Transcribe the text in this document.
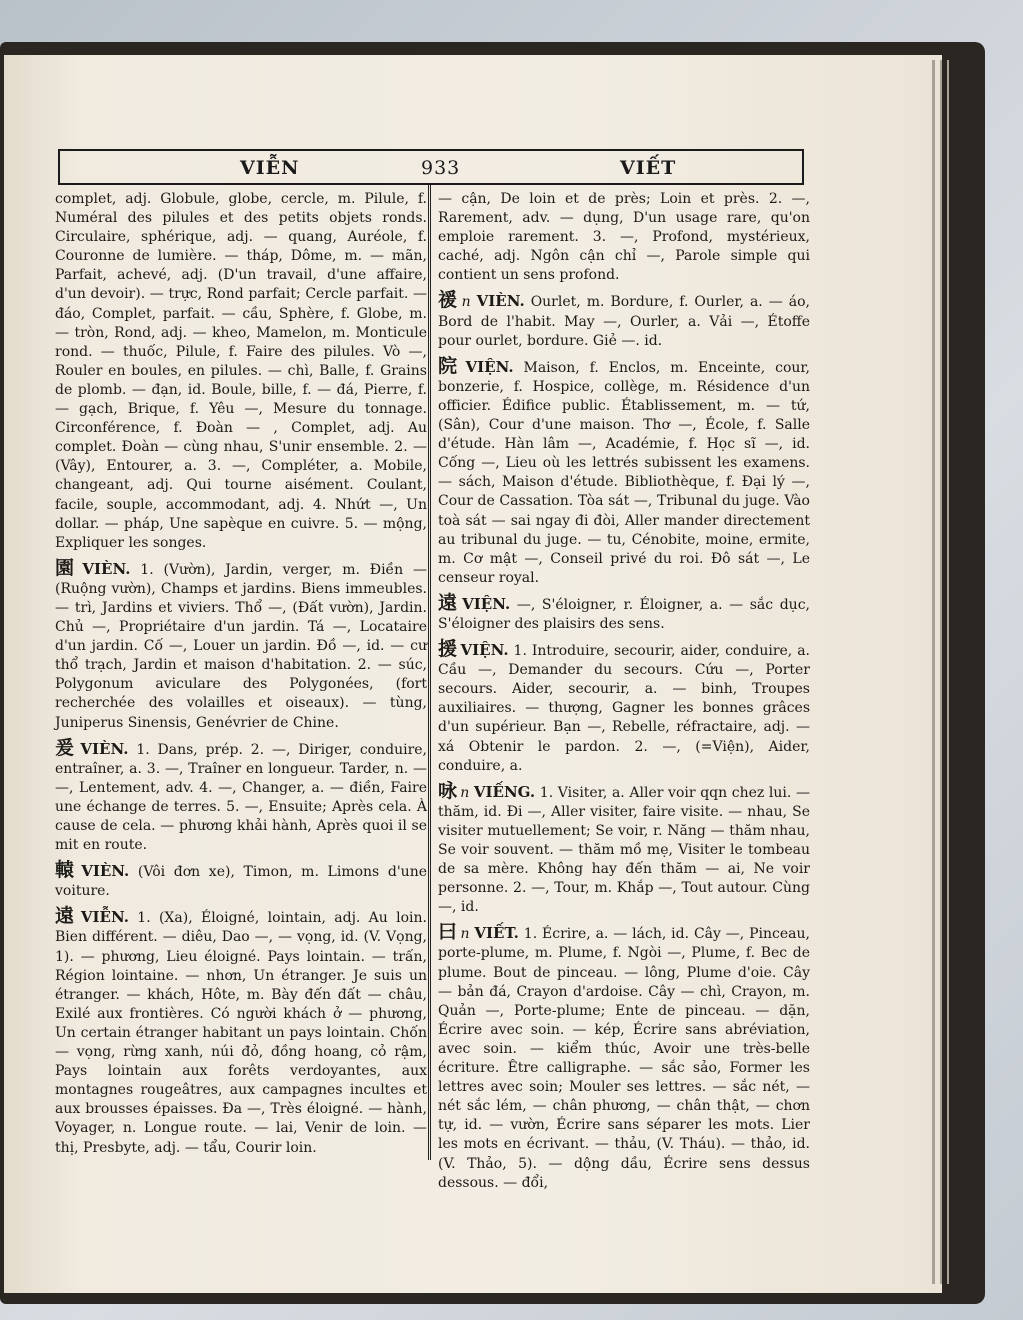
VIỄN	933	VIẾT

complet, adj. Globule, globe, cercle, m. Pilule, f. Numéral des pilules et des petits objets ronds. Circulaire, sphérique, adj. — quang, Auréole, f. Couronne de lumière. — tháp, Dôme, m. — mãn, Parfait, achevé, adj. (D'un travail, d'une affaire, d'un devoir). — trực, Rond parfait; Cercle parfait. — đáo, Complet, parfait. — cầu, Sphère, f. Globe, m. — tròn, Rond, adj. — kheo, Mamelon, m. Monticule rond. — thuốc, Pilule, f. Faire des pilules. Vò —, Rouler en boules, en pilules. — chì, Balle, f. Grains de plomb. — đạn, id. Boule, bille, f. — đá, Pierre, f. — gạch, Brique, f. Yêu —, Mesure du tonnage. Circonférence, f. Đoàn — , Complet, adj. Au complet. Đoàn — cùng nhau, S'unir ensemble. 2. — (Vây), Entourer, a. 3. —, Compléter, a. Mobile, changeant, adj. Qui tourne aisément. Coulant, facile, souple, accommodant, adj. 4. Nhứt —, Un dollar. — pháp, Une sapèque en cuivre. 5. — mộng, Expliquer les songes.

園 VIÈN. 1. (Vườn), Jardin, verger, m. Điền — (Ruộng vườn), Champs et jardins. Biens immeubles. — trì, Jardins et viviers. Thổ —, (Đất vườn), Jardin. Chủ —, Propriétaire d'un jardin. Tá —, Locataire d'un jardin. Cố —, Louer un jardin. Đồ —, id. — cư thổ trạch, Jardin et maison d'habitation. 2. — súc, Polygonum aviculare des Polygonées, (fort recherchée des volailles et oiseaux). — tùng, Juniperus Sinensis, Genévrier de Chine.

爰 VIÈN. 1. Dans, prép. 2. —, Diriger, conduire, entraîner, a. 3. —, Traîner en longueur. Tarder, n. — —, Lentement, adv. 4. —, Changer, a. — điền, Faire une échange de terres. 5. —, Ensuite; Après cela. À cause de cela. — phương khải hành, Après quoi il se mit en route.

轅 VIÈN. (Vôi đơn xe), Timon, m. Limons d'une voiture.

遠 VIỄN. 1. (Xa), Éloigné, lointain, adj. Au loin. Bien différent. — diêu, Dao —, — vọng, id. (V. Vọng, 1). — phương, Lieu éloigné. Pays lointain. — trấn, Région lointaine. — nhơn, Un étranger. Je suis un étranger. — khách, Hôte, m. Bày đến đất — châu, Exilé aux frontières. Có người khách ở — phương, Un certain étranger habitant un pays lointain. Chốn — vọng, rừng xanh, núi đỏ, đồng hoang, cỏ rậm, Pays lointain aux forêts verdoyantes, aux montagnes rougeâtres, aux campagnes incultes et aux brousses épaisses. Đa —, Très éloigné. — hành, Voyager, n. Longue route. — lai, Venir de loin. — thị, Presbyte, adj. — tẩu, Courir loin.

— cận, De loin et de près; Loin et près. 2. —, Rarement, adv. — dụng, D'un usage rare, qu'on emploie rarement. 3. —, Profond, mystérieux, caché, adj. Ngôn cận chỉ —, Parole simple qui contient un sens profond.

禐 n VIÈN. Ourlet, m. Bordure, f. Ourler, a. — áo, Bord de l'habit. May —, Ourler, a. Vải —, Étoffe pour ourlet, bordure. Giẻ —. id.

院 VIỆN. Maison, f. Enclos, m. Enceinte, cour, bonzerie, f. Hospice, collège, m. Résidence d'un officier. Édifice public. Établissement, m. — tứ, (Sân), Cour d'une maison. Thơ —, École, f. Salle d'étude. Hàn lâm —, Académie, f. Học sĩ —, id. Cống —, Lieu où les lettrés subissent les examens. — sách, Maison d'étude. Bibliothèque, f. Đại lý —, Cour de Cassation. Tòa sát —, Tribunal du juge. Vào toà sát — sai ngay đi đòi, Aller mander directement au tribunal du juge. — tu, Cénobite, moine, ermite, m. Cơ mật —, Conseil privé du roi. Đô sát —, Le censeur royal.

遠 VIỆN. —, S'éloigner, r. Éloigner, a. — sắc dục, S'éloigner des plaisirs des sens.

援 VIỆN. 1. Introduire, secourir, aider, conduire, a. Cầu —, Demander du secours. Cứu —, Porter secours. Aider, secourir, a. — binh, Troupes auxiliaires. — thượng, Gagner les bonnes grâces d'un supérieur. Bạn —, Rebelle, réfractaire, adj. — xá Obtenir le pardon. 2. —, (=Viện), Aider, conduire, a.

咏 n VIẾNG. 1. Visiter, a. Aller voir qqn chez lui. — thăm, id. Đi —, Aller visiter, faire visite. — nhau, Se visiter mutuellement; Se voir, r. Năng — thăm nhau, Se voir souvent. — thăm mồ mẹ, Visiter le tombeau de sa mère. Không hay đến thăm — ai, Ne voir personne. 2. —, Tour, m. Khắp —, Tout autour. Cùng —, id.

曰 n VIẾT. 1. Écrire, a. — lách, id. Cây —, Pinceau, porte-plume, m. Plume, f. Ngòi —, Plume, f. Bec de plume. Bout de pinceau. — lông, Plume d'oie. Cây — bản đá, Crayon d'ardoise. Cây — chì, Crayon, m. Quản —, Porte-plume; Ente de pinceau. — dặn, Écrire avec soin. — kép, Écrire sans abréviation, avec soin. — kiểm thúc, Avoir une très-belle écriture. Être calligraphe. — sắc sảo, Former les lettres avec soin; Mouler ses lettres. — sắc nét, — nét sắc lém, — chân phương, — chân thật, — chơn tự, id. — vườn, Écrire sans séparer les mots. Lier les mots en écrivant. — thảu, (V. Tháu). — thảo, id. (V. Thảo, 5). — dộng dầu, Écrire sens dessus dessous. — đổi,
